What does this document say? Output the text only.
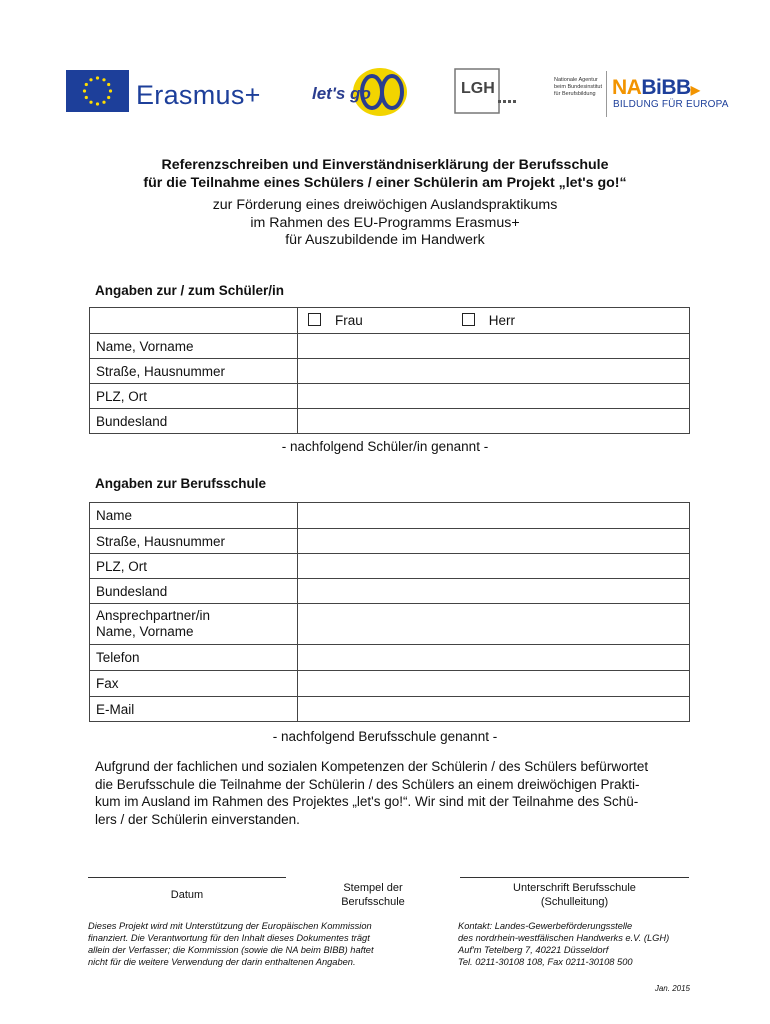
Erasmus+	let's go	LGH	Nationale Agentur
beim Bundesinstitut
für Berufsbildung NABiBB▶
BILDUNG FÜR EUROPA
Referenzschreiben und Einverständniserklärung der Berufsschule
für die Teilnahme eines Schülers / einer Schülerin am Projekt „let's go!“
zur Förderung eines dreiwöchigen Auslandspraktikums
im Rahmen des EU-Programms Erasmus+
für Auszubildende im Handwerk
Angaben zur / zum Schüler/in
	Frau Herr
Name, Vorname	
Straße, Hausnummer	
PLZ, Ort	
Bundesland	
- nachfolgend Schüler/in genannt -
Angaben zur Berufsschule
Name	
Straße, Hausnummer	
PLZ, Ort	
Bundesland	

Ansprechpartner/in
Name, Vorname	

Telefon	
Fax	
E-Mail	
- nachfolgend Berufsschule genannt -
Aufgrund der fachlichen und sozialen Kompetenzen der Schülerin / des Schülers befürwortet
die Berufsschule die Teilnahme der Schülerin / des Schülers an einem dreiwöchigen Prakti-
kum im Ausland im Rahmen des Projektes „let's go!“. Wir sind mit der Teilnahme des Schü-
lers / der Schülerin einverstanden.
Datum
Stempel der
Berufsschule
Unterschrift Berufsschule
(Schulleitung)
Dieses Projekt wird mit Unterstützung der Europäischen Kommission
finanziert. Die Verantwortung für den Inhalt dieses Dokumentes trägt
allein der Verfasser; die Kommission (sowie die NA beim BIBB) haftet
nicht für die weitere Verwendung der darin enthaltenen Angaben.
Kontakt: Landes-Gewerbeförderungsstelle
des nordrhein-westfälischen Handwerks e.V. (LGH)
Auf'm Tetelberg 7, 40221 Düsseldorf
Tel. 0211-30108 108, Fax 0211-30108 500
Jan. 2015
